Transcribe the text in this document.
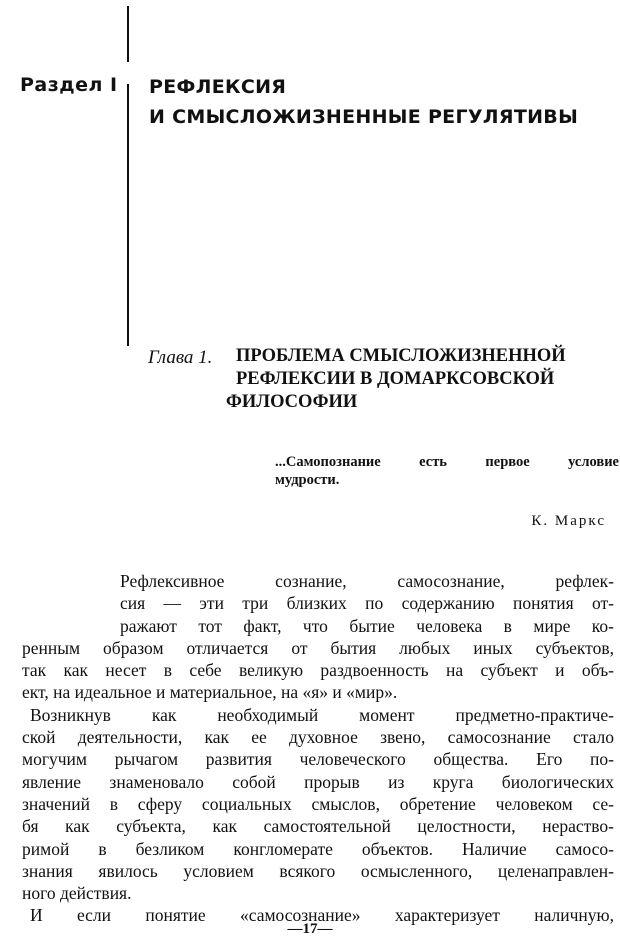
Раздел I РЕФЛЕКСИЯ
И СМЫСЛОЖИЗНЕННЫЕ РЕГУЛЯТИВЫ
Глава 1. ПРОБЛЕМА СМЫСЛОЖИЗНЕННОЙ
РЕФЛЕКСИИ В ДОМАРКСОВСКОЙ
ФИЛОСОФИИ
...Самопознание есть первое условие
мудрости.
К. Маркс
Рефлексивное сознание, самосознание, рефлек-
сия — эти три близких по содержанию понятия от-
ражают тот факт, что бытие человека в мире ко-
ренным образом отличается от бытия любых иных субъектов,
так как несет в себе великую раздвоенность на субъект и объ-
ект, на идеальное и материальное, на «я» и «мир».
Возникнув как необходимый момент предметно-практиче-
ской деятельности, как ее духовное звено, самосознание стало
могучим рычагом развития человеческого общества. Его по-
явление знаменовало собой прорыв из круга биологических
значений в сферу социальных смыслов, обретение человеком се-
бя как субъекта, как самостоятельной целостности, нераство-
римой в безликом конгломерате объектов. Наличие самосо-
знания явилось условием всякого осмысленного, целенаправлен-
ного действия.
И если понятие «самосознание» характеризует наличную,
—17—
